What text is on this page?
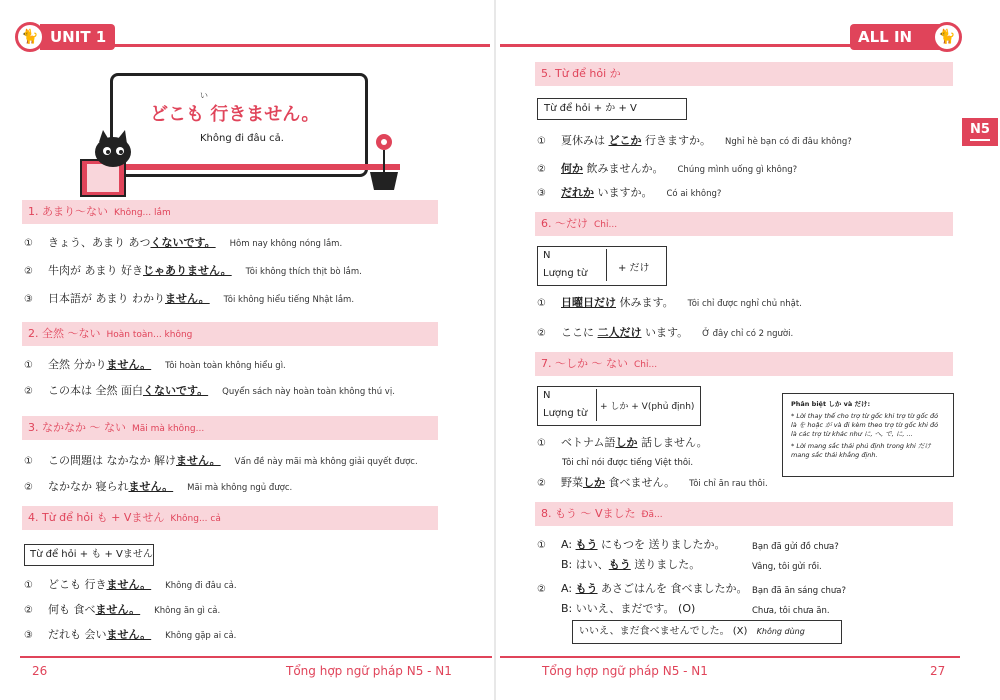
UNIT 1
🐈	ALL IN	🐈
N5
い
どこも 行きません。
Không đi đâu cả.
1. あまり〜ない Không... lắm
① きょう、あまり あつくないです。 Hôm nay không nóng lắm.
② 牛肉が あまり 好きじゃありません。 Tôi không thích thịt bò lắm.
③ 日本語が あまり わかりません。 Tôi không hiểu tiếng Nhật lắm.
2. 全然 〜ない Hoàn toàn... không
① 全然 分かりません。 Tôi hoàn toàn không hiểu gì.
② この本は 全然 面白くないです。 Quyển sách này hoàn toàn không thú vị.
3. なかなか 〜 ない Mãi mà không...
① この問題は なかなか 解けません。 Vấn đề này mãi mà không giải quyết được.
② なかなか 寝られません。 Mãi mà không ngủ được.
4. Từ để hỏi も + Vません Không... cả
Từ để hỏi + も + Vません
① どこも 行きません。 Không đi đâu cả.
② 何も 食べません。 Không ăn gì cả.
③ だれも 会いません。 Không gặp ai cả.
26	Tổng hợp ngữ pháp N5 - N1
5. Từ để hỏi か
Từ để hỏi + か + V
① 夏休みは どこか 行きますか。 Nghỉ hè bạn có đi đâu không?
② 何か 飲みませんか。 Chúng mình uống gì không?
③ だれか いますか。 Có ai không?
6. 〜だけ Chỉ...
N
Lượng từ	+ だけ
① 日曜日だけ 休みます。 Tôi chỉ được nghỉ chủ nhật.
② ここに 二人だけ います。 Ở đây chỉ có 2 người.
7. 〜しか 〜 ない Chỉ...
N
Lượng từ
+ しか + V(phủ định)
① ベトナム語しか 話しません。
Tôi chỉ nói được tiếng Việt thôi.
② 野菜しか 食べません。 Tôi chỉ ăn rau thôi.
Phân biệt しか và だけ:
* Lời thay thế cho trợ từ gốc khi trợ từ gốc đó là を hoặc が và đi kèm theo trợ từ gốc khi đó là các trợ từ khác như に, へ, で, に, ...
* Lời mang sắc thái phủ định trong khi だけ mang sắc thái khẳng định.
8. もう 〜 Vました Đã...
① A: もう にもつを 送りましたか。	Bạn đã gửi đồ chưa?
B: はい、もう 送りました。	Vâng, tôi gửi rồi.
② A: もう あさごはんを 食べましたか。 Bạn đã ăn sáng chưa?
B: いいえ、まだです。 (O)	Chưa, tôi chưa ăn.
いいえ、まだ食べませんでした。 (X) Không dùng
Tổng hợp ngữ pháp N5 - N1	27
